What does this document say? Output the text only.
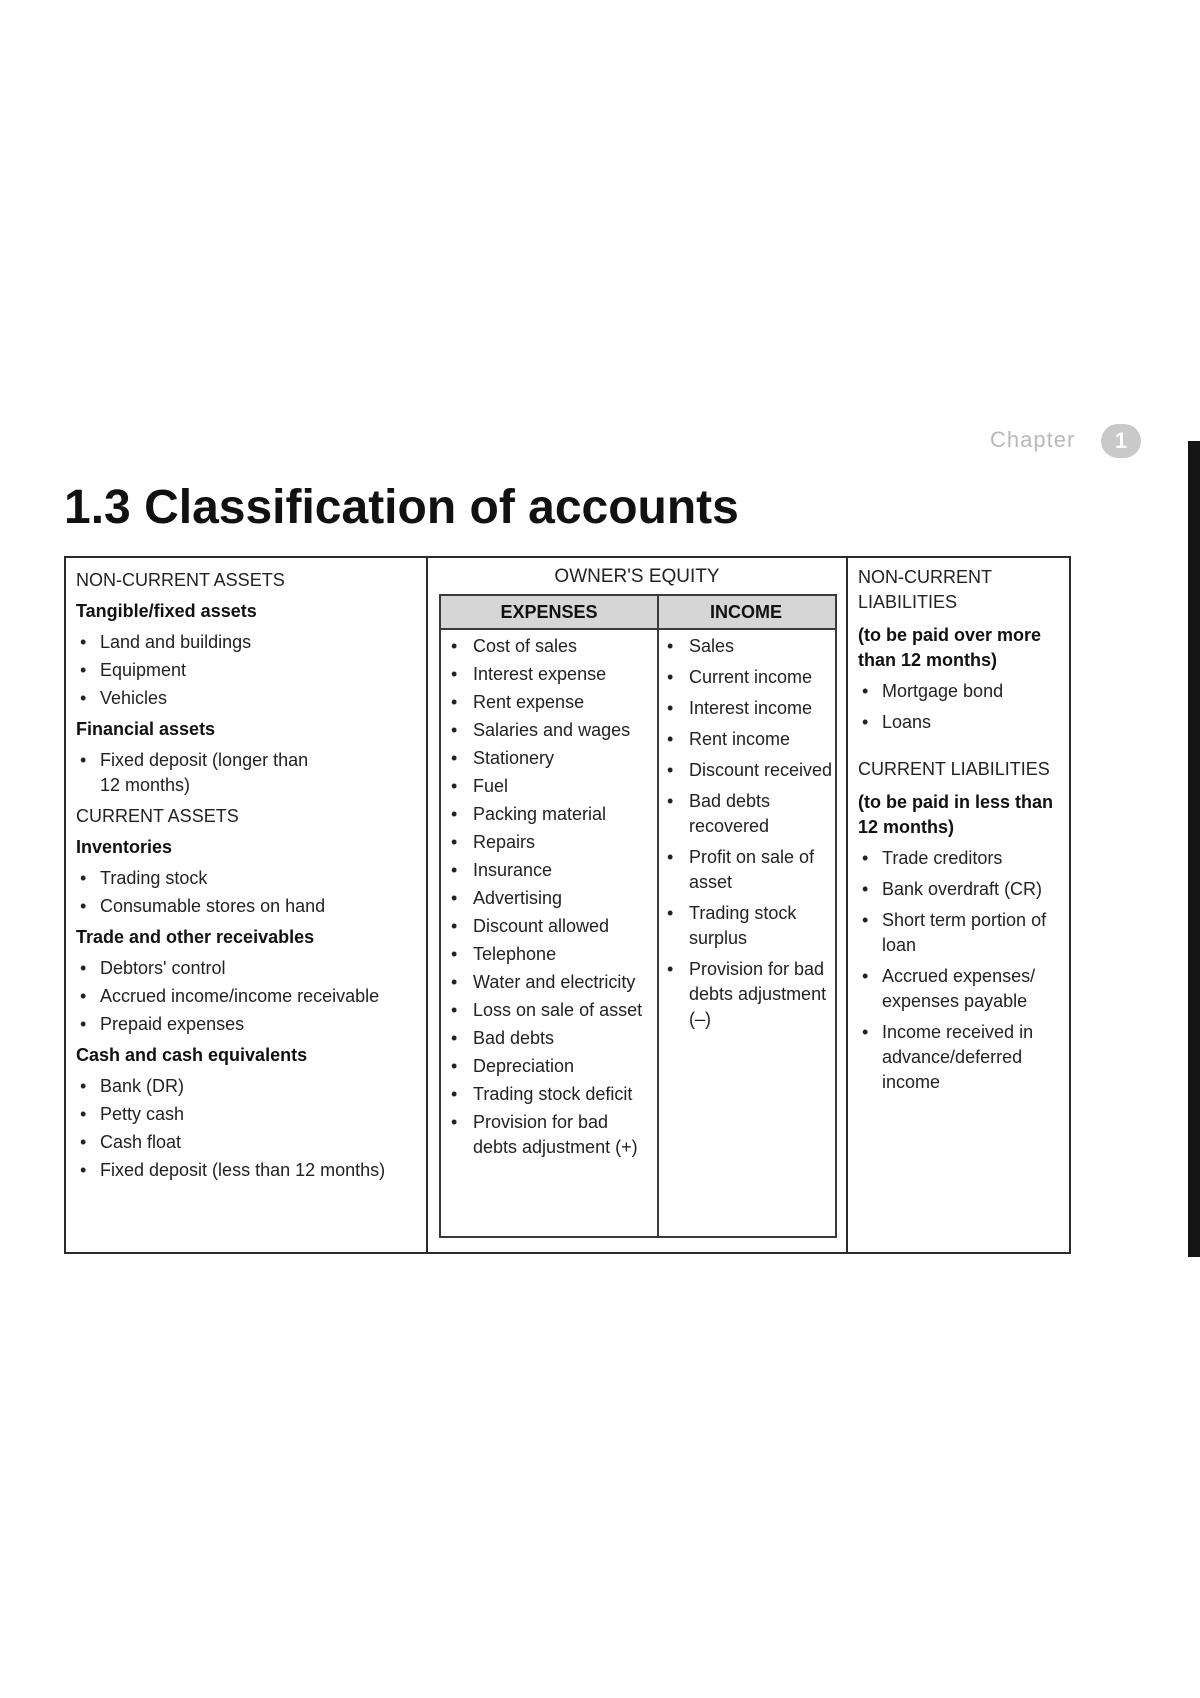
Chapter	1
1.3 Classification of accounts
NON-CURRENT ASSETS
Tangible/fixed assets
• Land and buildings
• Equipment
• Vehicles
Financial assets
• Fixed deposit (longer than 12 months)
CURRENT ASSETS
Inventories
• Trading stock
• Consumable stores on hand
Trade and other receivables
• Debtors' control
• Accrued income/income receivable
• Prepaid expenses
Cash and cash equivalents
• Bank (DR)
• Petty cash
• Cash float
• Fixed deposit (less than 12 months)
OWNER'S EQUITY
EXPENSES	INCOME
• Cost of sales
• Interest expense
• Rent expense
• Salaries and wages
• Stationery
• Fuel
• Packing material
• Repairs
• Insurance
• Advertising
• Discount allowed
• Telephone
• Water and electricity
• Loss on sale of asset
• Bad debts
• Depreciation
• Trading stock deficit
• Provision for bad debts adjustment (+)
• Sales
• Current income
• Interest income
• Rent income
• Discount received
• Bad debts recovered
• Profit on sale of asset
• Trading stock surplus
• Provision for bad debts adjustment (–)
NON-CURRENT LIABILITIES
(to be paid over more than 12 months)
• Mortgage bond
• Loans
CURRENT LIABILITIES
(to be paid in less than 12 months)
• Trade creditors
• Bank overdraft (CR)
• Short term portion of loan
• Accrued expenses/ expenses payable
• Income received in advance/deferred income
